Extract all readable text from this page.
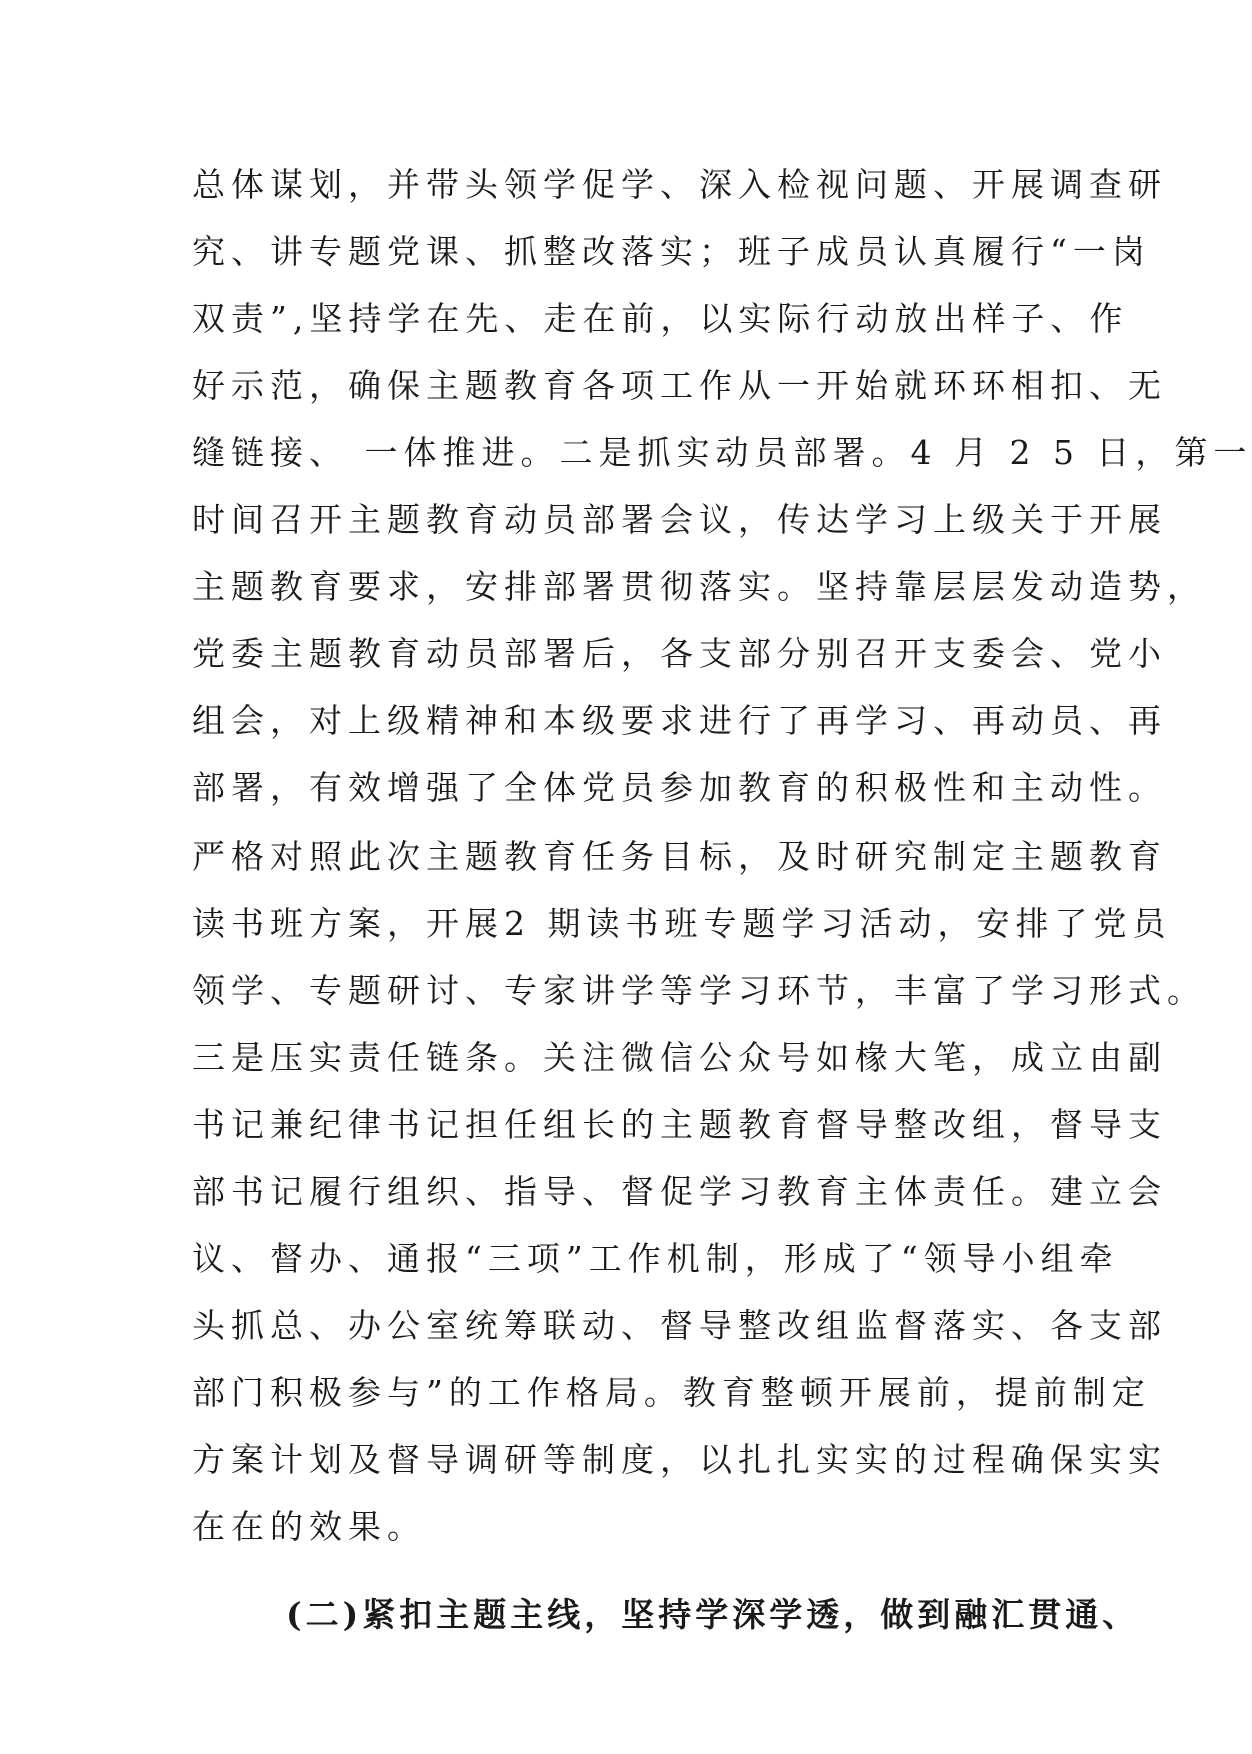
总体谋划，并带头领学促学、深入检视问题、开展调查研
究、讲专题党课、抓整改落实；班子成员认真履行“一岗
双责”,坚持学在先、走在前，以实际行动放出样子、作
好示范，确保主题教育各项工作从一开始就环环相扣、无
缝链接、 一体推进。二是抓实动员部署。4 月 2 5 日，第一
时间召开主题教育动员部署会议，传达学习上级关于开展
主题教育要求，安排部署贯彻落实。坚持靠层层发动造势，
党委主题教育动员部署后，各支部分别召开支委会、党小
组会，对上级精神和本级要求进行了再学习、再动员、再
部署，有效增强了全体党员参加教育的积极性和主动性。
严格对照此次主题教育任务目标，及时研究制定主题教育
读书班方案，开展2 期读书班专题学习活动，安排了党员
领学、专题研讨、专家讲学等学习环节，丰富了学习形式。
三是压实责任链条。关注微信公众号如椽大笔，成立由副
书记兼纪律书记担任组长的主题教育督导整改组，督导支
部书记履行组织、指导、督促学习教育主体责任。建立会
议、督办、通报“三项”工作机制，形成了“领导小组牵
头抓总、办公室统筹联动、督导整改组监督落实、各支部
部门积极参与”的工作格局。教育整顿开展前，提前制定
方案计划及督导调研等制度，以扎扎实实的过程确保实实
在在的效果。
(二)紧扣主题主线，坚持学深学透，做到融汇贯通、
